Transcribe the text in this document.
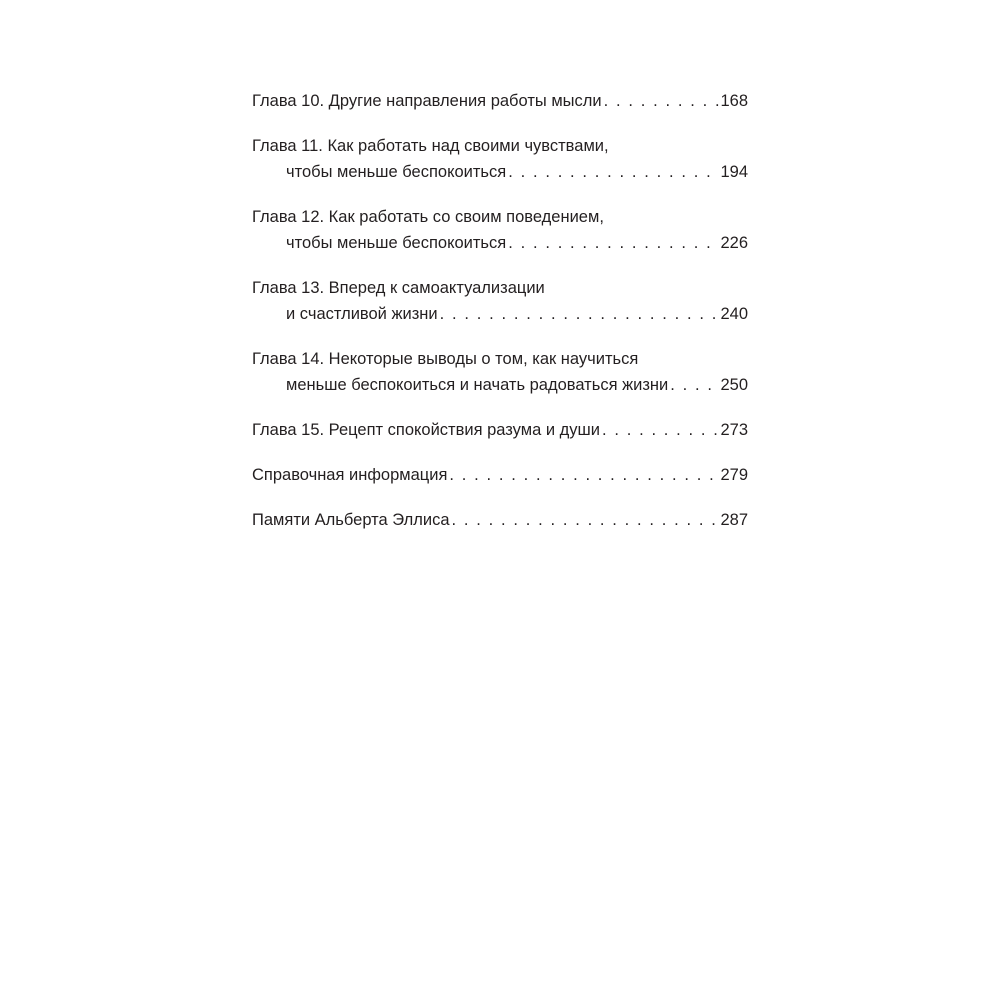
Глава 10. Другие направления работы мысли . . .	168
Глава 11. Как работать над своими чувствами,
чтобы меньше беспокоиться . . .	194
Глава 12. Как работать со своим поведением,
чтобы меньше беспокоиться . . .	226
Глава 13. Вперед к самоактуализации
и счастливой жизни . . .	240
Глава 14. Некоторые выводы о том, как научиться
меньше беспокоиться и начать радоваться жизни . . .	250
Глава 15. Рецепт спокойствия разума и души . . .	273
Справочная информация . . .	279
Памяти Альберта Эллиса . . .	287
